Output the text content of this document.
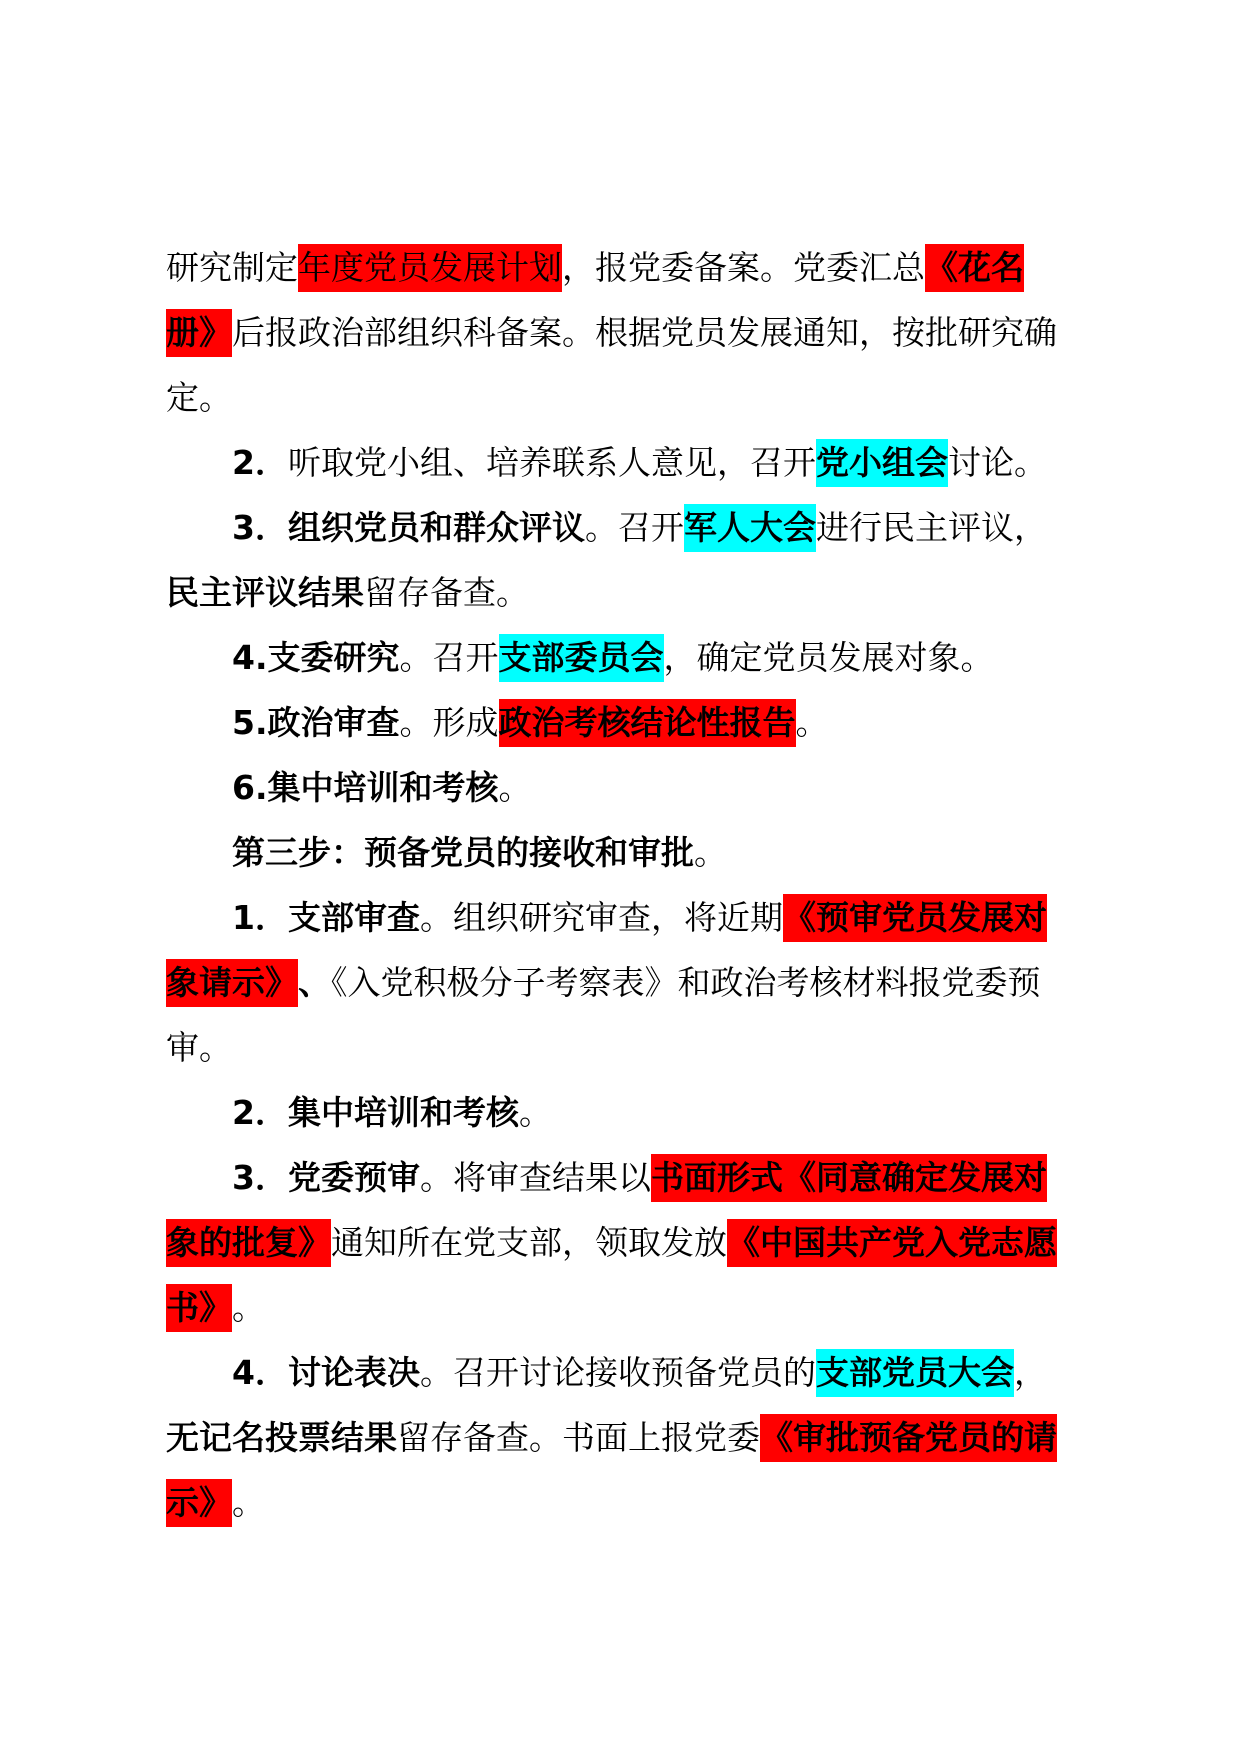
研究制定年度党员发展计划，报党委备案。党委汇总《花名
册》后报政治部组织科备案。根据党员发展通知，按批研究确
定。
2．听取党小组、培养联系人意见，召开党小组会讨论。
3．组织党员和群众评议。召开军人大会进行民主评议，
民主评议结果留存备查。
4.支委研究。召开支部委员会，确定党员发展对象。
5.政治审查。形成政治考核结论性报告。
6.集中培训和考核。
第三步：预备党员的接收和审批。
1．支部审查。组织研究审查，将近期《预审党员发展对
象请示》、《入党积极分子考察表》和政治考核材料报党委预
审。
2．集中培训和考核。
3．党委预审。将审查结果以书面形式《同意确定发展对
象的批复》通知所在党支部，领取发放《中国共产党入党志愿
书》。
4．讨论表决。召开讨论接收预备党员的支部党员大会，
无记名投票结果留存备查。书面上报党委《审批预备党员的请
示》。
